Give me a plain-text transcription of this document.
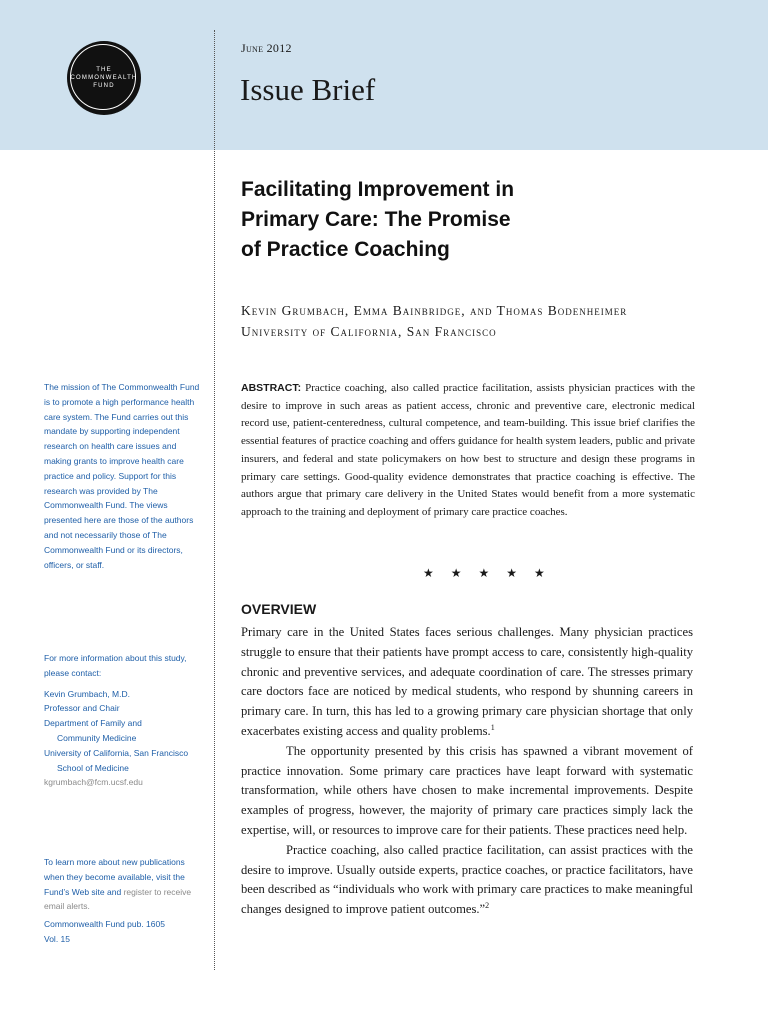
THE
COMMONWEALTH
FUND
June 2012
Issue Brief
Facilitating Improvement in
Primary Care: The Promise
of Practice Coaching
Kevin Grumbach, Emma Bainbridge, and Thomas Bodenheimer
University of California, San Francisco
ABSTRACT: Practice coaching, also called practice facilitation, assists physician practices with the desire to improve in such areas as patient access, chronic and preventive care, electronic medical record use, patient-centeredness, cultural competence, and team-building. This issue brief clarifies the essential features of practice coaching and offers guidance for health system leaders, public and private insurers, and federal and state policymakers on how best to structure and design these programs in primary care settings. Good-quality evidence demonstrates that practice coaching is effective. The authors argue that primary care delivery in the United States would benefit from a more systematic approach to the training and deployment of primary care practice coaches.
★ ★ ★ ★ ★
OVERVIEW

Primary care in the United States faces serious challenges. Many physician practices struggle to ensure that their patients have prompt access to care, consistently high-quality chronic and preventive services, and adequate coordination of care. The stresses primary care doctors face are noticed by medical students, who respond by shunning careers in primary care. In turn, this has led to a growing primary care physician shortage that only exacerbates existing access and quality problems.$^1$

The opportunity presented by this crisis has spawned a vibrant movement of practice innovation. Some primary care practices have leapt forward with systematic transformation, while others have chosen to make incremental improvements. Despite examples of progress, however, the majority of primary care practices simply lack the expertise, will, or resources to improve care for their patients. These practices need help.

Practice coaching, also called practice facilitation, can assist practices with the desire to improve. Usually outside experts, practice coaches, or practice facilitators, have been described as “individuals who work with primary care practices to make meaningful changes designed to improve patient outcomes.”$^2$

The mission of The Commonwealth Fund is to promote a high performance health care system. The Fund carries out this mandate by supporting independent research on health care issues and making grants to improve health care practice and policy. Support for this research was provided by The Commonwealth Fund. The views presented here are those of the authors and not necessarily those of The Commonwealth Fund or its directors, officers, or staff.
For more information about this study, please contact:
Kevin Grumbach, M.D.
Professor and Chair
Department of Family and
Community Medicine
University of California, San Francisco
School of Medicine
kgrumbach@fcm.ucsf.edu
To learn more about new publications when they become available, visit the Fund’s Web site and register to receive email alerts.
Commonwealth Fund pub. 1605
Vol. 15
